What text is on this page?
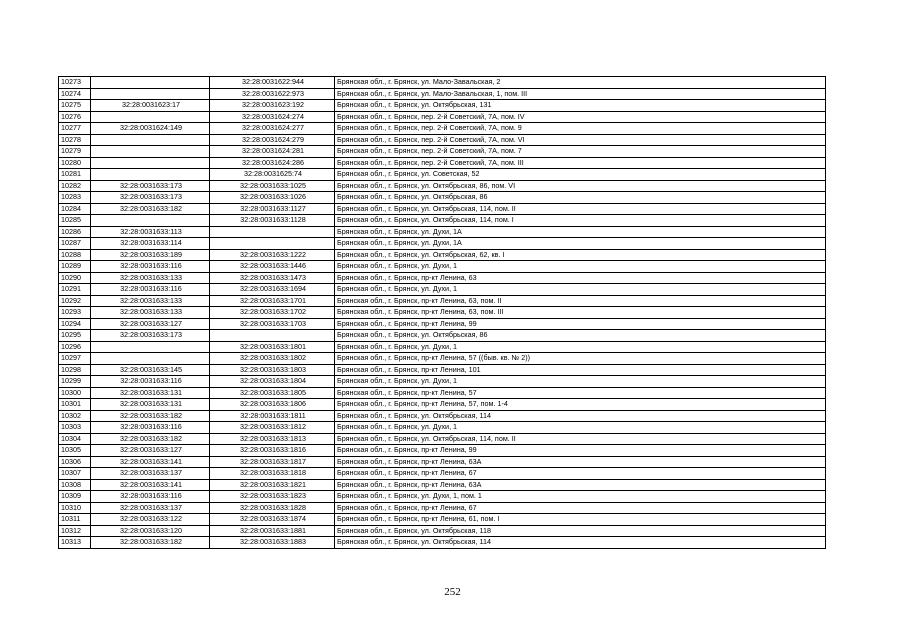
10273		32:28:0031622:944	Брянская обл., г. Брянск, ул. Мало-Завальская, 2
10274		32:28:0031622:973	Брянская обл., г. Брянск, ул. Мало-Завальская, 1, пом. III
10275	32:28:0031623:17	32:28:0031623:192	Брянская обл., г. Брянск, ул. Октябрьская, 131
10276		32:28:0031624:274	Брянская обл., г. Брянск, пер. 2-й Советский, 7А, пом. IV
10277	32:28:0031624:149	32:28:0031624:277	Брянская обл., г. Брянск, пер. 2-й Советский, 7А, пом. 9
10278		32:28:0031624:279	Брянская обл., г. Брянск, пер. 2-й Советский, 7А, пом. VI
10279		32:28:0031624:281	Брянская обл., г. Брянск, пер. 2-й Советский, 7А, пом. 7
10280		32:28:0031624:286	Брянская обл., г. Брянск, пер. 2-й Советский, 7А, пом. III
10281		32:28:0031625:74	Брянская обл., г. Брянск, ул. Советская, 52
10282	32:28:0031633:173	32:28:0031633:1025	Брянская обл., г. Брянск, ул. Октябрьская, 86, пом. VI
10283	32:28:0031633:173	32:28:0031633:1026	Брянская обл., г. Брянск, ул. Октябрьская, 86
10284	32:28:0031633:182	32:28:0031633:1127	Брянская обл., г. Брянск, ул. Октябрьская, 114, пом. II
10285		32:28:0031633:1128	Брянская обл., г. Брянск, ул. Октябрьская, 114, пом. I
10286	32:28:0031633:113		Брянская обл., г. Брянск, ул. Духи, 1А
10287	32:28:0031633:114		Брянская обл., г. Брянск, ул. Духи, 1А
10288	32:28:0031633:189	32:28:0031633:1222	Брянская обл., г. Брянск, ул. Октябрьская, 62, кв. I
10289	32:28:0031633:116	32:28:0031633:1446	Брянская обл., г. Брянск, ул. Духи, 1
10290	32:28:0031633:133	32:28:0031633:1473	Брянская обл., г. Брянск, пр-кт Ленина, 63
10291	32:28:0031633:116	32:28:0031633:1694	Брянская обл., г. Брянск, ул. Духи, 1
10292	32:28:0031633:133	32:28:0031633:1701	Брянская обл., г. Брянск, пр-кт Ленина, 63, пом. II
10293	32:28:0031633:133	32:28:0031633:1702	Брянская обл., г. Брянск, пр-кт Ленина, 63, пом. III
10294	32:28:0031633:127	32:28:0031633:1703	Брянская обл., г. Брянск, пр-кт Ленина, 99
10295	32:28:0031633:173		Брянская обл., г. Брянск, ул. Октябрьская, 86
10296		32:28:0031633:1801	Брянская обл., г. Брянск, ул. Духи, 1
10297		32:28:0031633:1802	Брянская обл., г. Брянск, пр-кт Ленина, 57 ((быв. кв. № 2))
10298	32:28:0031633:145	32:28:0031633:1803	Брянская обл., г. Брянск, пр-кт Ленина, 101
10299	32:28:0031633:116	32:28:0031633:1804	Брянская обл., г. Брянск, ул. Духи, 1
10300	32:28:0031633:131	32:28:0031633:1805	Брянская обл., г. Брянск, пр-кт Ленина, 57
10301	32:28:0031633:131	32:28:0031633:1806	Брянская обл., г. Брянск, пр-кт Ленина, 57, пом. 1-4
10302	32:28:0031633:182	32:28:0031633:1811	Брянская обл., г. Брянск, ул. Октябрьская, 114
10303	32:28:0031633:116	32:28:0031633:1812	Брянская обл., г. Брянск, ул. Духи, 1
10304	32:28:0031633:182	32:28:0031633:1813	Брянская обл., г. Брянск, ул. Октябрьская, 114, пом. II
10305	32:28:0031633:127	32:28:0031633:1816	Брянская обл., г. Брянск, пр-кт Ленина, 99
10306	32:28:0031633:141	32:28:0031633:1817	Брянская обл., г. Брянск, пр-кт Ленина, 63А
10307	32:28:0031633:137	32:28:0031633:1818	Брянская обл., г. Брянск, пр-кт Ленина, 67
10308	32:28:0031633:141	32:28:0031633:1821	Брянская обл., г. Брянск, пр-кт Ленина, 63А
10309	32:28:0031633:116	32:28:0031633:1823	Брянская обл., г. Брянск, ул. Духи, 1, пом. 1
10310	32:28:0031633:137	32:28:0031633:1828	Брянская обл., г. Брянск, пр-кт Ленина, 67
10311	32:28:0031633:122	32:28:0031633:1874	Брянская обл., г. Брянск, пр-кт Ленина, 61, пом. I
10312	32:28:0031633:120	32:28:0031633:1881	Брянская обл., г. Брянск, ул. Октябрьская, 118
10313	32:28:0031633:182	32:28:0031633:1883	Брянская обл., г. Брянск, ул. Октябрьская, 114
252
